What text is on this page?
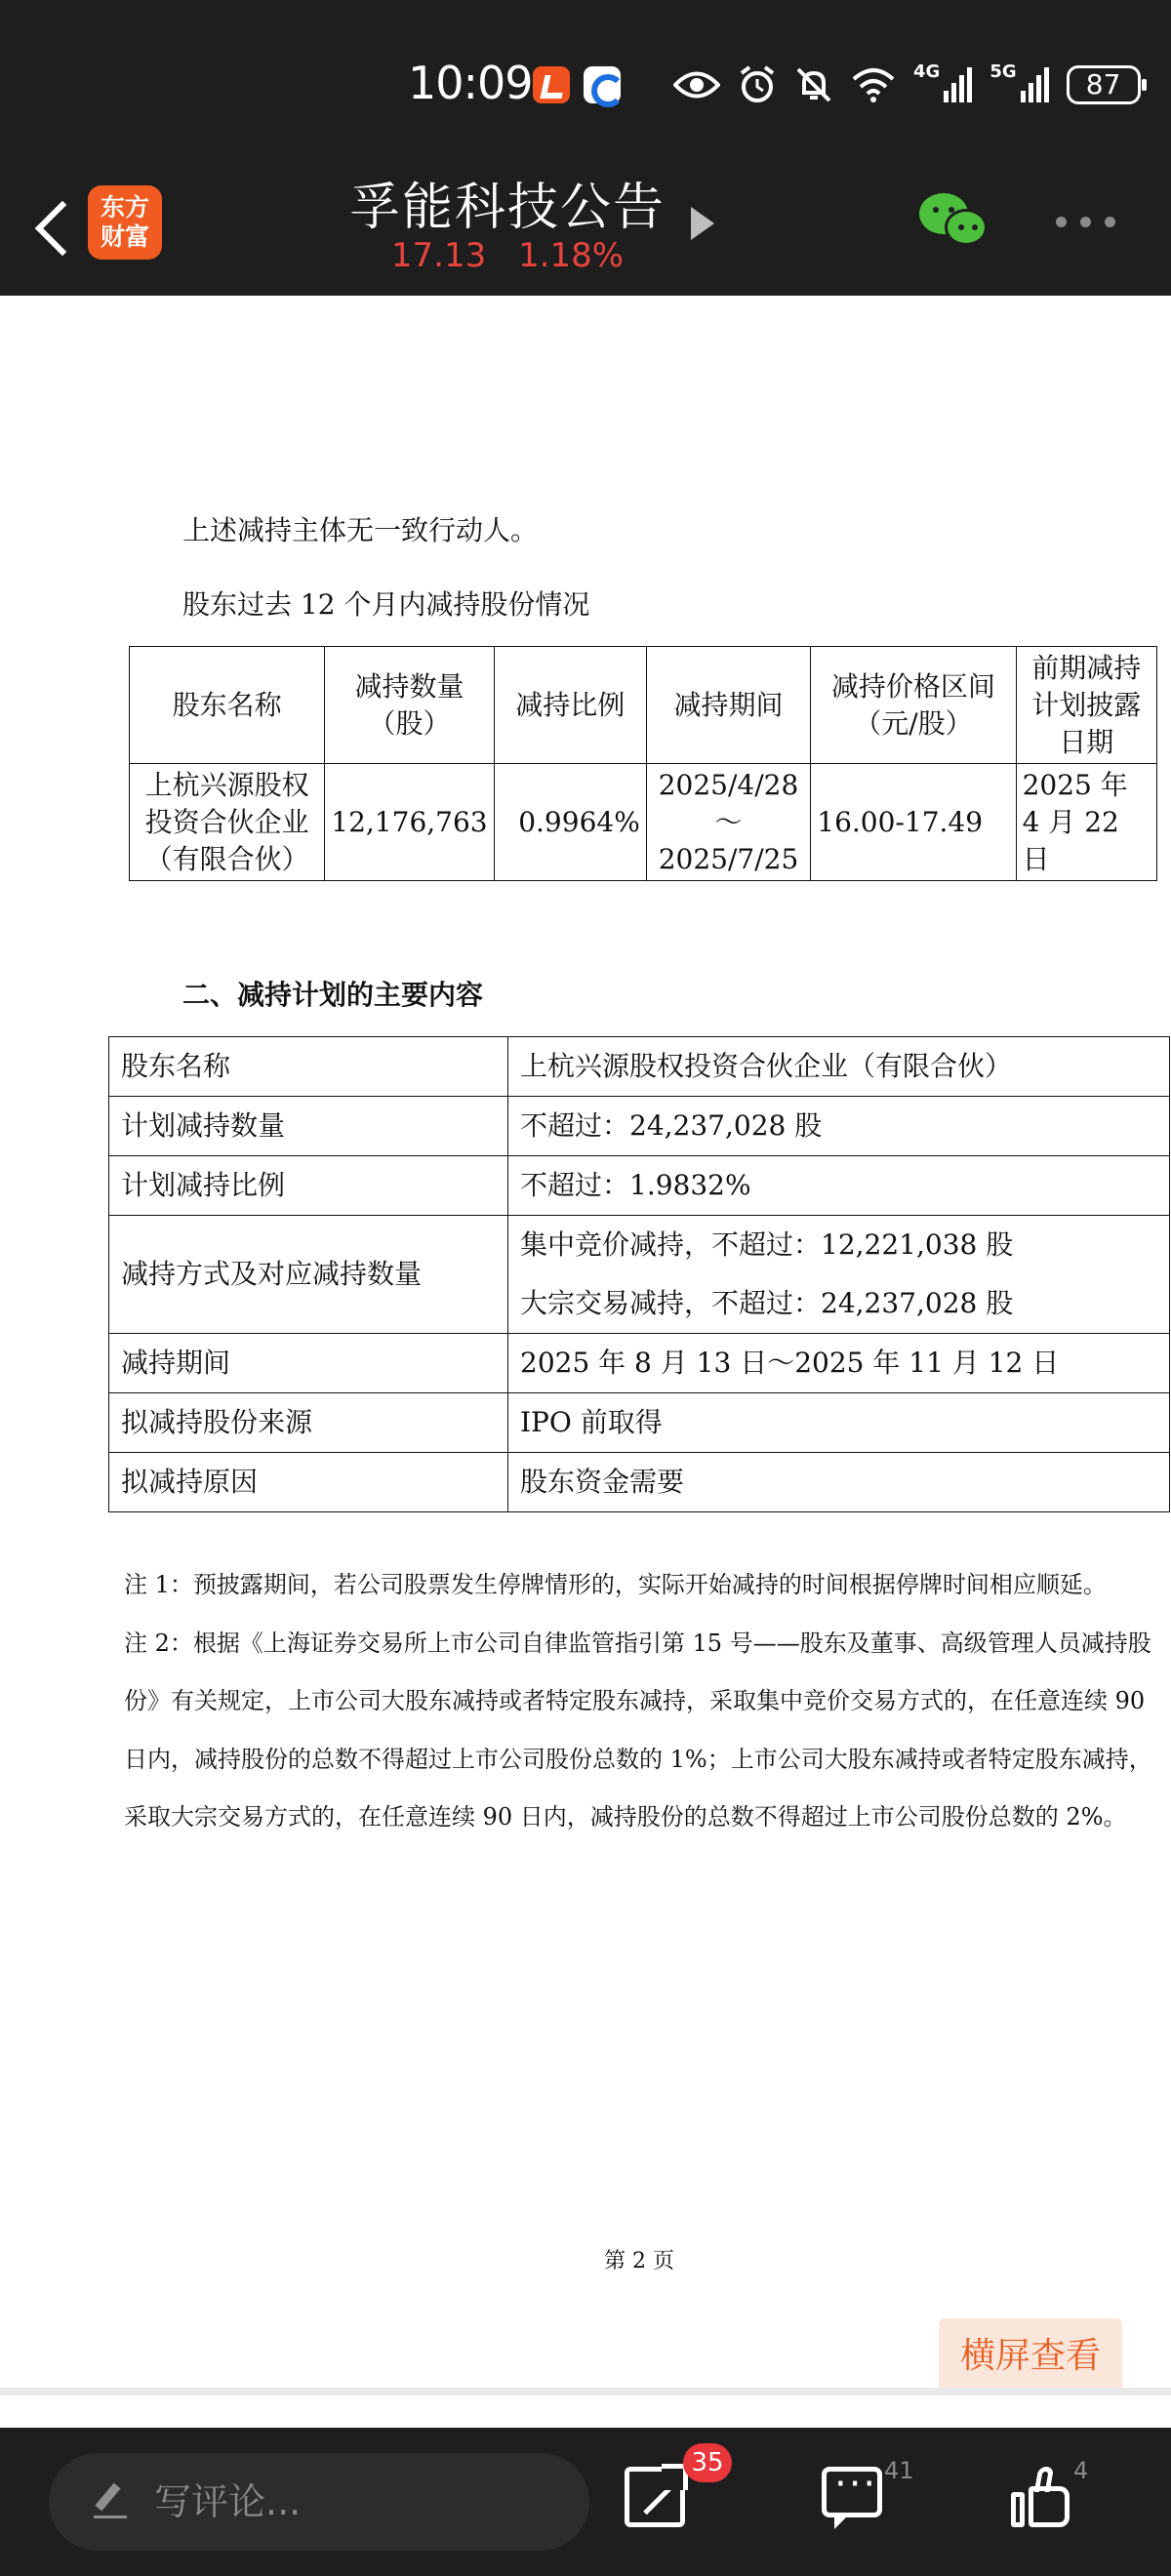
10:09	4G	5G	87
东方
财富	孚能科技公告
17.13 1.18%
上述减持主体无一致行动人。
股东过去 12 个月内减持股份情况
股东名称	减持数量（股）	减持比例	减持期间	减持价格区间（元/股）	前期减持计划披露日期
上杭兴源股权投资合伙企业（有限合伙）	12,176,763	0.9964%	2025/4/28～2025/7/25	16.00-17.49	2025 年 4 月 22 日
二、减持计划的主要内容
股东名称	上杭兴源股权投资合伙企业（有限合伙）
计划减持数量	不超过：24,237,028 股
计划减持比例	不超过：1.9832%
减持方式及对应减持数量	集中竞价减持，不超过：12,221,038 股
大宗交易减持，不超过：24,237,028 股

减持期间	2025 年 8 月 13 日～2025 年 11 月 12 日
拟减持股份来源	IPO 前取得
拟减持原因	股东资金需要
注 1：预披露期间，若公司股票发生停牌情形的，实际开始减持的时间根据停牌时间相应顺延。
注 2：根据《上海证券交易所上市公司自律监管指引第 15 号——股东及董事、高级管理人员减持股份》有关规定，上市公司大股东减持或者特定股东减持，采取集中竞价交易方式的，在任意连续 90 日内，减持股份的总数不得超过上市公司股份总数的 1%；上市公司大股东减持或者特定股东减持，采取大宗交易方式的，在任意连续 90 日内，减持股份的总数不得超过上市公司股份总数的 2%。
第 2 页
横屏查看
写评论...
35 ···	41	4
